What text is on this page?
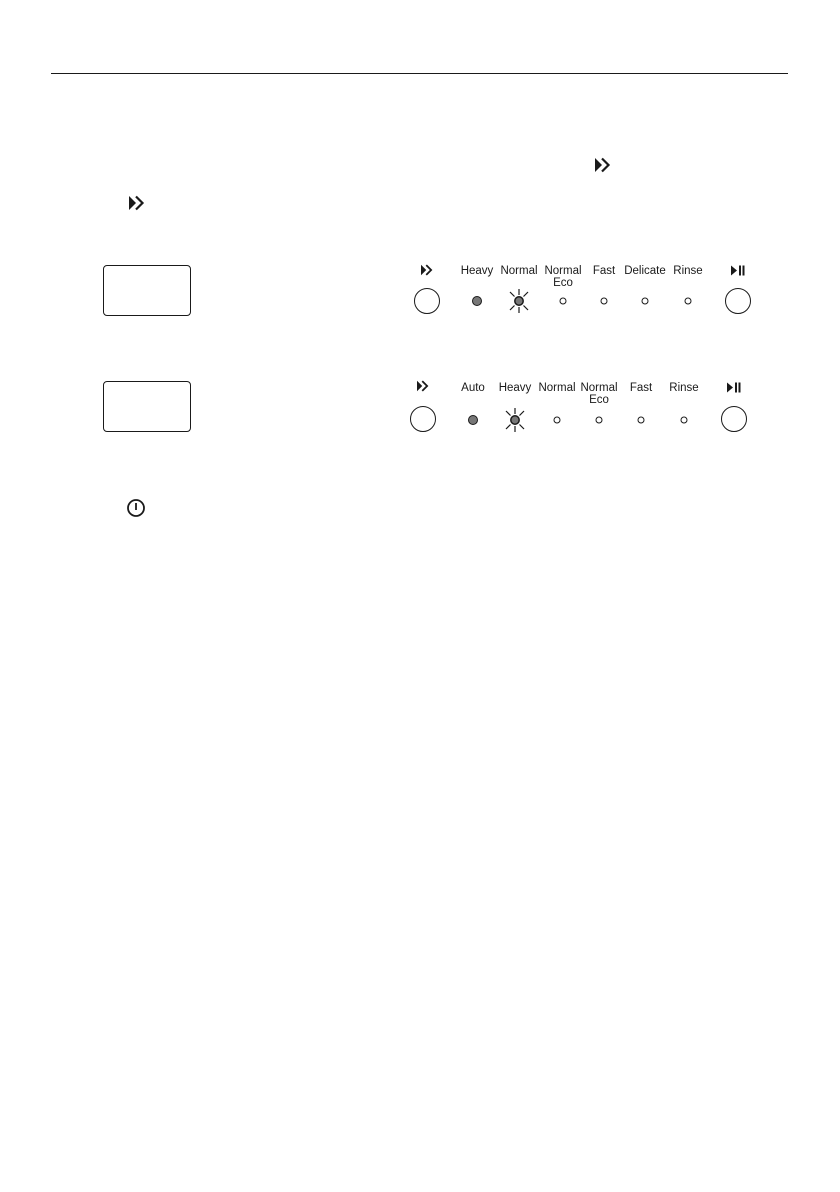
Heavy Normal Normal
Eco
Fast Delicate Rinse
Auto Heavy Normal Normal
Eco
Fast Rinse
